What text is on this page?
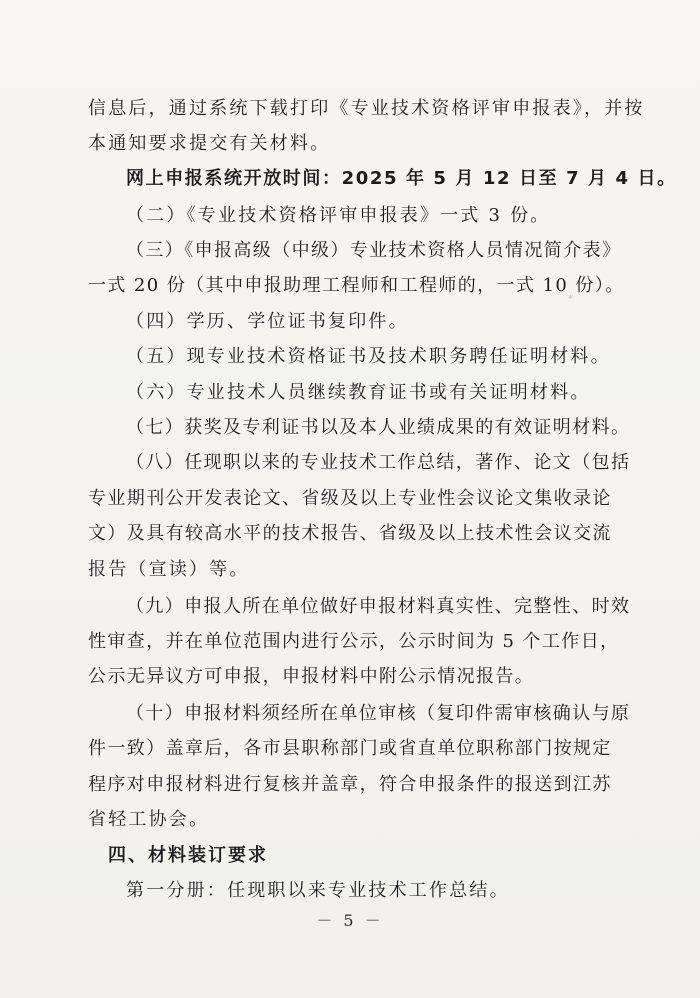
信息后，通过系统下载打印《专业技术资格评审申报表》，并按
本通知要求提交有关材料。
网上申报系统开放时间：2025 年 5 月 12 日至 7 月 4 日。
（二）《专业技术资格评审申报表》一式 3 份。
（三）《申报高级（中级）专业技术资格人员情况简介表》
一式 20 份（其中申报助理工程师和工程师的，一式 10 份）。
（四）学历、学位证书复印件。
（五）现专业技术资格证书及技术职务聘任证明材料。
（六）专业技术人员继续教育证书或有关证明材料。
（七）获奖及专利证书以及本人业绩成果的有效证明材料。
（八）任现职以来的专业技术工作总结，著作、论文（包括
专业期刊公开发表论文、省级及以上专业性会议论文集收录论
文）及具有较高水平的技术报告、省级及以上技术性会议交流
报告（宣读）等。
（九）申报人所在单位做好申报材料真实性、完整性、时效
性审查，并在单位范围内进行公示，公示时间为 5 个工作日，
公示无异议方可申报，申报材料中附公示情况报告。
（十）申报材料须经所在单位审核（复印件需审核确认与原
件一致）盖章后，各市县职称部门或省直单位职称部门按规定
程序对申报材料进行复核并盖章，符合申报条件的报送到江苏
省轻工协会。
四、材料装订要求
第一分册：任现职以来专业技术工作总结。
－ 5 －
*
